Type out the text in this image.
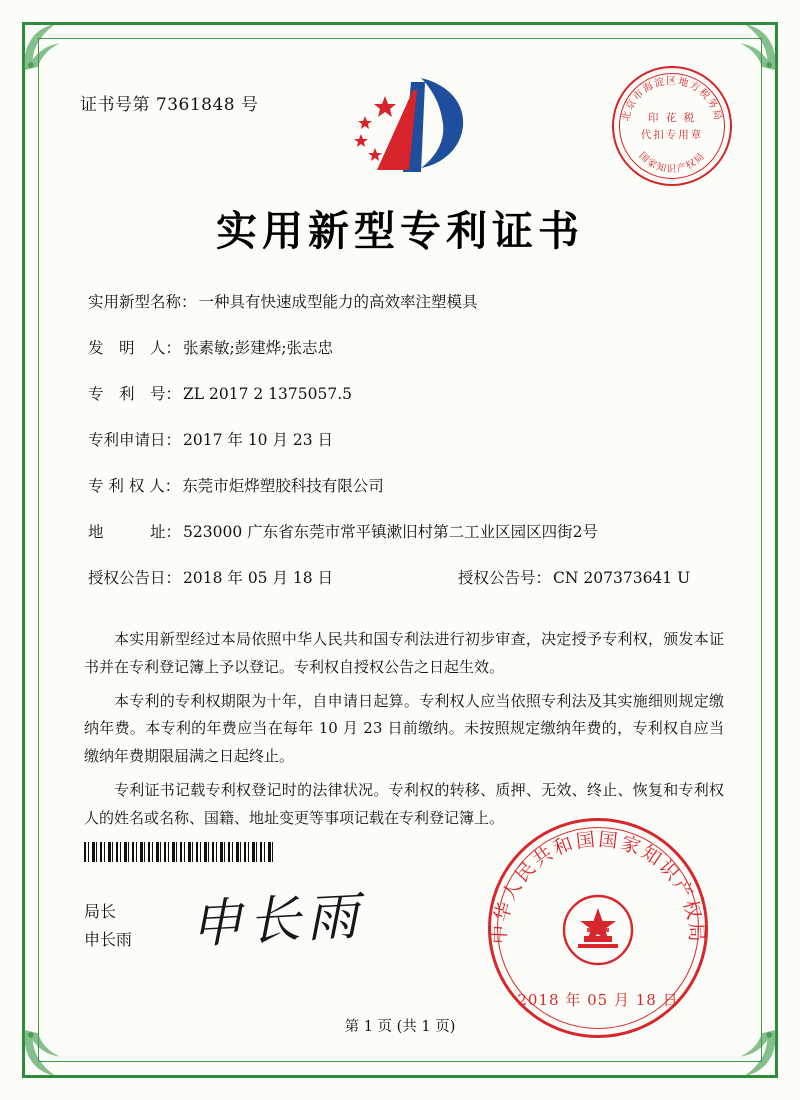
证书号第 7361848 号
北京市海淀区地方税务局
国家知识产权局
印 花 税
代扣专用章
实用新型专利证书
实用新型名称： 一种具有快速成型能力的高效率注塑模具
发　明　人： 张素敏;彭建烨;张志忠
专　利　号： ZL 2017 2 1375057.5
专利申请日： 2017 年 10 月 23 日
专 利 权 人： 东莞市炬烨塑胶科技有限公司
地　　　址： 523000 广东省东莞市常平镇漱旧村第二工业区园区四街2号
授权公告日： 2018 年 05 月 18 日	授权公告号： CN 207373641 U

本实用新型经过本局依照中华人民共和国专利法进行初步审查，决定授予专利权，颁发本证书并在专利登记簿上予以登记。专利权自授权公告之日起生效。

本专利的专利权期限为十年，自申请日起算。专利权人应当依照专利法及其实施细则规定缴纳年费。本专利的年费应当在每年 10 月 23 日前缴纳。未按照规定缴纳年费的，专利权自应当缴纳年费期限届满之日起终止。

专利证书记载专利权登记时的法律状况。专利权的转移、质押、无效、终止、恢复和专利权人的姓名或名称、国籍、地址变更等事项记载在专利登记簿上。

局长
申长雨 申长雨	中华人民共和国国家知识产权局
2018 年 05 月 18 日
第 1 页 (共 1 页)
